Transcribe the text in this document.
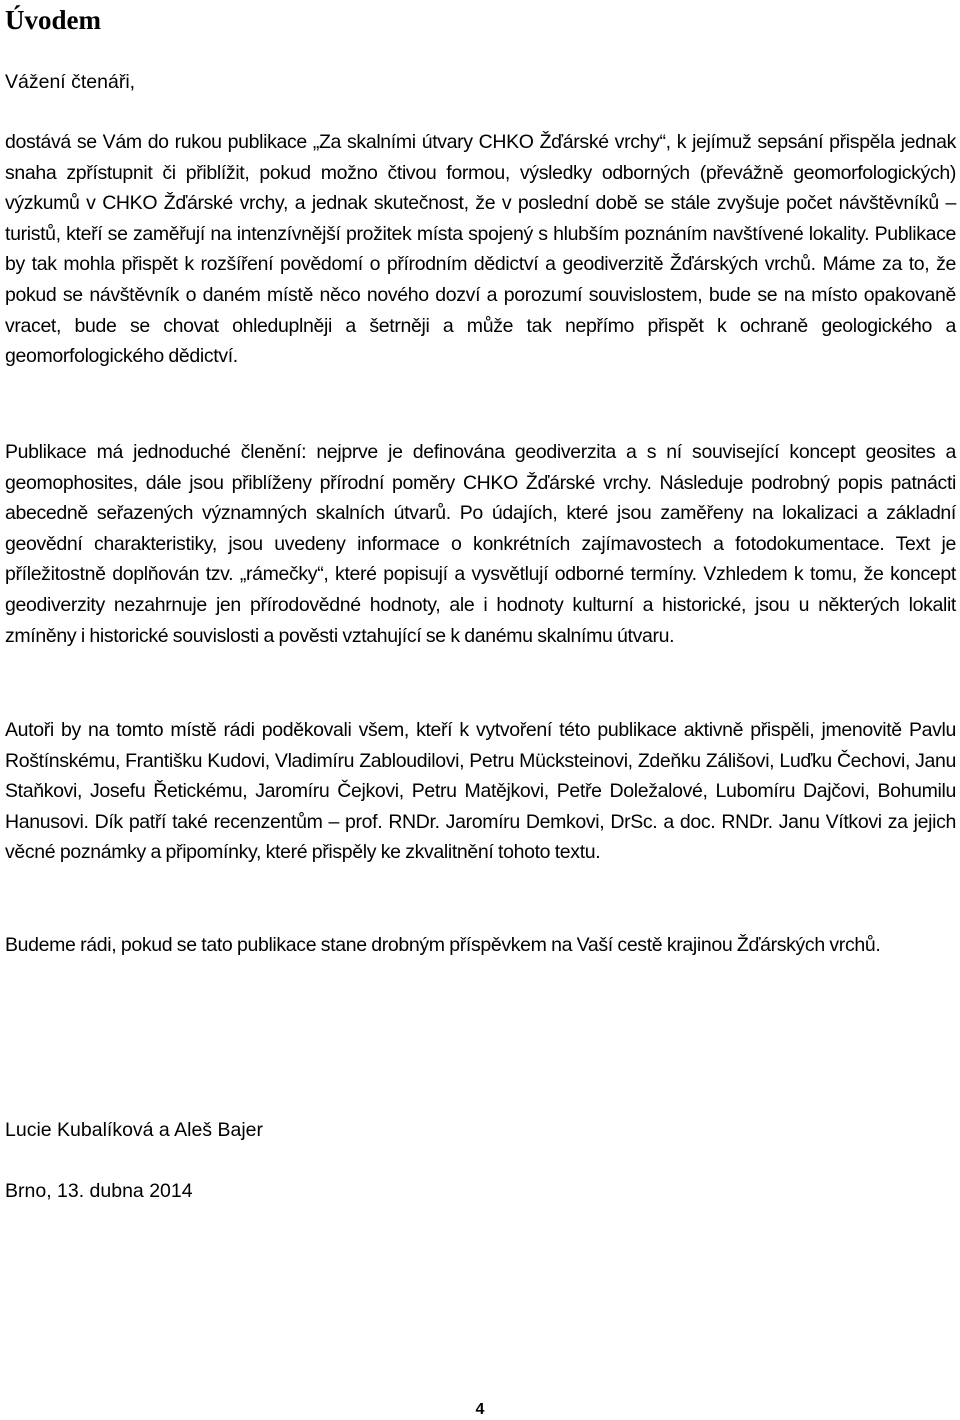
Úvodem

Vážení čtenáři,

dostává se Vám do rukou publikace „Za skalními útvary CHKO Žďárské vrchy“, k jejímuž sepsání přispěla jednak snaha zpřístupnit či přiblížit, pokud možno čtivou formou, výsledky odborných (převážně geomorfologických) výzkumů v CHKO Žďárské vrchy, a jednak skutečnost, že v poslední době se stále zvyšuje počet návštěvníků – turistů, kteří se zaměřují na intenzívnější prožitek místa spojený s hlubším poznáním navštívené lokality. Publikace by tak mohla přispět k rozšíření povědomí o přírodním dědictví a geodiverzitě Žďárských vrchů. Máme za to, že pokud se návštěvník o daném místě něco nového dozví a porozumí souvislostem, bude se na místo opakovaně vracet, bude se chovat ohleduplněji a šetrněji a může tak nepřímo přispět k ochraně geologického a geomorfologického dědictví.

Publikace má jednoduché členění: nejprve je definována geodiverzita a s ní související koncept geosites a geomophosites, dále jsou přiblíženy přírodní poměry CHKO Žďárské vrchy. Následuje podrobný popis patnácti abecedně seřazených významných skalních útvarů. Po údajích, které jsou zaměřeny na lokalizaci a základní geovědní charakteristiky, jsou uvedeny informace o konkrétních zajímavostech a fotodokumentace. Text je příležitostně doplňován tzv. „rámečky“, které popisují a vysvětlují odborné termíny. Vzhledem k tomu, že koncept geodiverzity nezahrnuje jen přírodovědné hodnoty, ale i hodnoty kulturní a historické, jsou u některých lokalit zmíněny i historické souvislosti a pověsti vztahující se k danému skalnímu útvaru.

Autoři by na tomto místě rádi poděkovali všem, kteří k vytvoření této publikace aktivně přispěli, jmenovitě Pavlu Roštínskému, Františku Kudovi, Vladimíru Zabloudilovi, Petru Mücksteinovi, Zdeňku Zálišovi, Luďku Čechovi, Janu Staňkovi, Josefu Řetickému, Jaromíru Čejkovi, Petru Matějkovi, Petře Doležalové, Lubomíru Dajčovi, Bohumilu Hanusovi. Dík patří také recenzentům – prof. RNDr. Jaromíru Demkovi, DrSc. a doc. RNDr. Janu Vítkovi za jejich věcné poznámky a připomínky, které přispěly ke zkvalitnění tohoto textu.

Budeme rádi, pokud se tato publikace stane drobným příspěvkem na Vaší cestě krajinou Žďárských vrchů.

Lucie Kubalíková a Aleš Bajer

Brno, 13. dubna 2014

4
